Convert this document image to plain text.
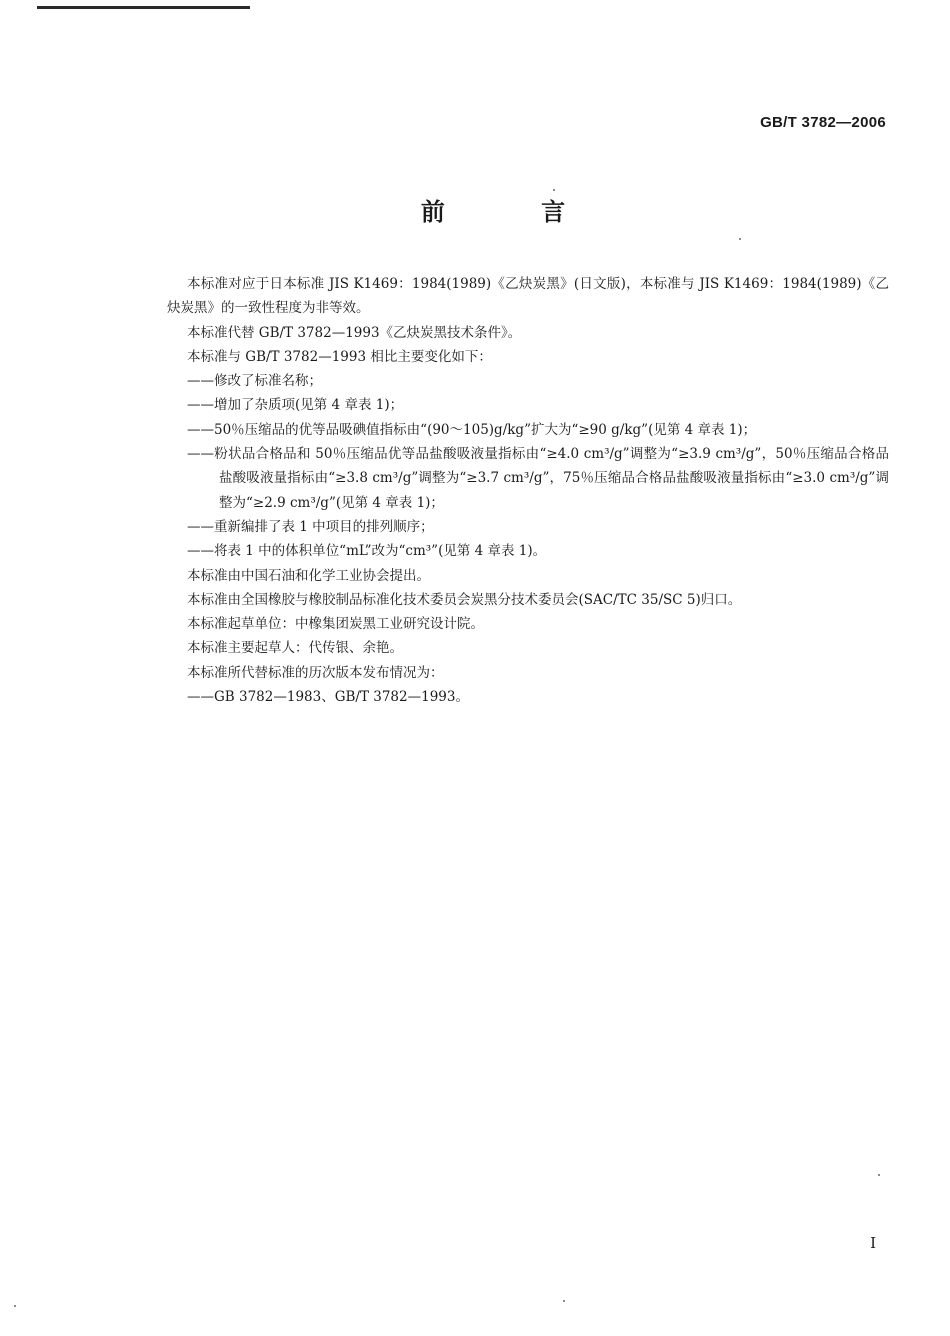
GB/T 3782—2006
前 言

本标准对应于日本标准 JIS K1469：1984(1989)《乙炔炭黑》(日文版)，本标准与 JIS K1469：1984(1989)《乙炔炭黑》的一致性程度为非等效。

本标准代替 GB/T 3782—1993《乙炔炭黑技术条件》。

本标准与 GB/T 3782—1993 相比主要变化如下：

——修改了标准名称；

——增加了杂质项(见第 4 章表 1)；

——50％压缩品的优等品吸碘值指标由“(90～105)g/kg”扩大为“≥90 g/kg”(见第 4 章表 1)；

——粉状品合格品和 50％压缩品优等品盐酸吸液量指标由“≥4.0 cm³/g”调整为“≥3.9 cm³/g”，50％压缩品合格品盐酸吸液量指标由“≥3.8 cm³/g”调整为“≥3.7 cm³/g”，75％压缩品合格品盐酸吸液量指标由“≥3.0 cm³/g”调整为“≥2.9 cm³/g”(见第 4 章表 1)；

——重新编排了表 1 中项目的排列顺序；

——将表 1 中的体积单位“mL”改为“cm³”(见第 4 章表 1)。

本标准由中国石油和化学工业协会提出。

本标准由全国橡胶与橡胶制品标准化技术委员会炭黑分技术委员会(SAC/TC 35/SC 5)归口。

本标准起草单位：中橡集团炭黑工业研究设计院。

本标准主要起草人：代传银、余艳。

本标准所代替标准的历次版本发布情况为：

——GB 3782—1983、GB/T 3782—1993。

I
